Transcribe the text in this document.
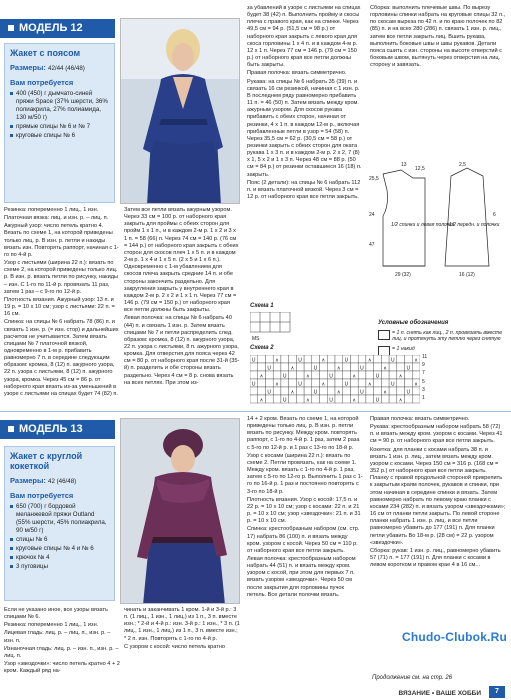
МОДЕЛЬ 12
Жакет с поясом
Размеры: 42/44 (46/48)
Вам потребуется
400 (450) г дымчато-синей пряжи Space (37% шерсти, 36% полиакрила, 27% полиамида, 130 м/50 г)
прямые спицы № 6 и № 7
круговые спицы № 6

Резинка: попеременно 1 лиц., 1 изн.

Платочная вязка: лиц. и изн. р. – лиц. п.

Ажурный узор: число петель кратно 4. Вязать по схеме 1, на которой приведены только лиц. р. В изн. р. петли и накиды вязать изн. Повторять раппорт, начиная с 1-го по 4-й р.

Узор с листьями (ширина 22 п.): вязать по схеме 2, на которой приведены только лиц. р. В изн. р. вязать петли по рисунку, накиды – изн. С 1-го по 11-й р. провязать 11 раз, затем 1 раз – с 9-го по 12-й р.

Плотность вязания. Ажурный узор: 13 п. и 19 р. = 10 х 10 см; узор с листьями: 22 п. = 16 см.

Спинка: на спицы № 6 набрать 78 (86) п. и связать 1 изн. р. (= изн. стор) и дальнейших расчетов не учитывается. Затем вязать спицами № 7 платочной вязкой, одновременно в 1-м р. прибавить равномерно 7 п. в середине следующим образом: кромка, 8 (12) п. ажурного узора, 22 п. узора с листьями, 8 (12) п. ажурного узора, кромка. Через 45 см = 86 р. от наборного края вязать из-за уменьшений в узоре с листьями на спицах будет 74 (82) п.

Затем все петли вязать ажурным узором. Через 33 см = 100 р. от наборного края закрыть для проймы с обеих сторон для пройм 1 х 1 п., и в каждом 2-м р. 1 х 2 и 3 х 1 п. = 58 (66) п. Через 74 см = 140 р. (76 см = 144 р.) от наборного края закрыть с обеих сторон для скосов плеч 1 х 5 п. и в каждом 2-м р. 1 х 4 и 1 х 5 п. (2 х 5 и 1 х 6 п.). Одновременно с 1-м убавлением для скосов плеча закрыть средние 14 п. и обе стороны закончить раздельно. Для закругления закрыть у внутреннего края в каждом 2-м р. 2 х 2 и 1 х 1 п. Через 77 см = 146 р. (79 см = 150 р.) от наборного края все петли должны быть закрыты.

Левая полочка: на спицы № 6 набрать 40 (44) п. и связать 1 изн. р. Затем вязать спицами № 7 и петли распределить след. образом: кромка, 8 (12) п. ажурного узора, 22 п. узора с листьями, 8 п. ажурного узора, кромка. Для отверстия для пояса через 42 см = 80 р. от наборного края после 31-й (35-й) п. разделить и обе стороны вязать раздельно. Через 4 см = 8 р. снова вязать на всех петлях. При этом из-

за убавлений в узоре с листьями на спицах будет 38 (42) п. Выполнить пройму и скосы плеча с правого края, как на спинке. Через 49,5 см = 94 р. (51,5 см = 98 р.) от наборного края закрыть с левого края для скоса горловины 1 х 4 п. и в каждом 4-м р. 12 х 1 п. Через 77 см = 146 р. (79 см = 150 р.) от наборного края все петли должны быть закрыты.

Правая полочка: вязать симметрично.

Рукава: на спицы № 6 набрать 35 (39) п. и связать 16 см резинкой, начиная с 1 изн. р. В последнем ряду равномерно прибавить 11 п. = 46 (50) п. Затем вязать между кром. ажурным узором. Для скосов рукава прибавить с обеих сторон, начиная от резинки, 4 х 1 п. в каждом 12-м р., включая прибавленные петли в узор = 54 (58) п. Через 35,5 см = 62 р. (30,5 см = 58 р.) от резинки закрыть с обеих сторон для оката рукава 1 х 3 п. и в каждом 2-м р. 2 х 2, 7 (8) х 1, 5 х 2 и 1 х 3 п. Через 48 см = 88 р. (50 см = 84 р.) от резинки оставшиеся 16 (18) п. закрыть.

Пояс (2 детали): на спицы № 6 набрать 112 п. и вязать платочной вязкой. Через 3 см = 12 р. от наборного края все петли закрыть.

Сборка: выполнить плечевые швы. По вырезу горловины спинки набрать на круговые спицы 32 п., по скосам выреза по 42 п. и по краю полочек по 82 (85) п. и на всех 280 (286) п. связать 1 изн. р. лиц., затем все петли закрыть лиц. Вшить рукава, выполнить боковые швы и швы рукавов. Детали пояса сшить с изн. стороны на высоте отверстий с боковым швом, вытянуть через отверстия на лиц. сторону и завязать.

25,5
13
12,5
24
47
29 (32)
2,5
6
16 (12)
1/2 спинки и левая полочка
1/2 передн. и полочки
Схема 1
MS
Условные обозначения
= 1 п. снять как лиц., 2 п. провязать вместе лиц. и протянуть эту петлю через снятую
= 1 накид
Схема 2
U	∧	U	∧	U	∧	U	∧
U	∧	U	∧	U	∧	U
∧	U	∧	U	∧	U	∧
U	∧	U	∧	U	∧	U	∧
U	∧	U	∧	U	∧	U
∧	U	∧	U	∧	U	∧
11
9
7
5
3
1
МОДЕЛЬ 13
Жакет с круглой кокеткой
Размеры: 42 (46/48)
Вам потребуется
650 (700) г бордовой меланжевой пряжи Outland (55% шерсти, 45% полиакрила, 90 м/50 г)
спицы № 6
круговые спицы № 4 и № 6
крючок № 4
3 пуговицы

Если не указано иное, все узоры вязать спицами № 6.

Резинка: попеременно 1 лиц., 1 изн.

Лицевая гладь: лиц. р. – лиц. п., изн. р. – изн. п.

Изнаночная гладь: лиц. р. – изн. п., изн. р. – лиц. п.

Узор «звездочки»: число петель кратно 4 + 2 кром. Каждый ряд на-

чинать и заканчивать 1 кром. 1-й и 3-й р.: 3 п. (1 лиц., 1 изн., 1 лиц.) из 1 п., 3 п. вместе изн.; * 2-й и 4-й р.: изн. 3-й р.: 1 изн., * 3 п. (1 лиц., 1 изн., 1 лиц.) из 1 п., 3 п. вместе изн.; * 2 п. изн. Повторять с 1-го по 4-й р.

С узором с косой: число петель кратно

14 + 2 кром. Вязать по схеме 1, на которой приведены только лиц. р. В изн. р. петли вязать по рисунку. Между кром. повторять раппорт, с 1-го по 4-й р. 1 раз, затем 2 раза с 5-го по 12-й р. и 1 раз с 13-го по 18-й р.

Узор с косами (ширина 22 п.): вязать по схеме 2. Петли провязать, как на схеме 1. Между кром. вязать с 1-го по 4-й р. 1 раз, затем с 5-го по 12-го р. Выполнить 1 раз с 1-го по 16-й р. 1 раз и постоянно повторять с 3-го по 18-й р.

Плотность вязания. Узор с косой: 17,5 п. и 22 р. = 10 х 10 см; узор с косами: 22 п. и 21 р. = 10 х 10 см; узор «звездочки»: 21 п. и 31 р. = 10 х 10 см.

Спинка: крестообразным набором (см. стр. 17) набрать 86 (100) п. и вязать между кром. узором с косой. Через 50 см = 110 р. от наборного края все петли закрыть.

Левая полочка: крестообразным набором набрать 44 (51) п. и вязать между кром. узором с косой, при этом для первых 7 п. вязать узором «звездочки». Через 50 см после закрытия для горловины пучок петель. Все детали полочки вязать.

Правая полочка: вязать симметрично.

Рукава: крестообразным набором набрать 58 (72) п. и вязать между кром. узором с косами. Через 41 см = 90 р. от наборного края все петли закрыть.

Кокетка: для планки с косами набрать 38 п. и вязать 1 изн. р. лиц., затем вязать между кром. узором с косами. Через 150 см = 316 р. (168 см = 352 р.) от наборного края все петли закрыть. Планку с правой продольной стороной прикрепить к закрытым краям полочек, рукавов и спинки, при этом начиная в середине спинки и вязать. Затем равномерно набрать по левому краю планки с косами 234 (282) п. и вязать узором «звездочками»; 16 см от планки петли закрыть. По левой стороне планки набрать 1 изн. р. лиц. и все петли равномерно убавить до 177 (191) п. Для планки петли убавить Во 18-м р. (28 см) = 22 р. узором «звездочки».

Сборка: рукав: 1 изн. р. лиц., равномерно убавить 57 (71) п. = 177 (191) п. Для планки с косами в левом коротком и правом крае 4 в 16 см...

Продолжение см. на стр. 26
Chudo-Clubok.Ru
ВЯЗАНИЕ • ВАШЕ ХОББИ	7
